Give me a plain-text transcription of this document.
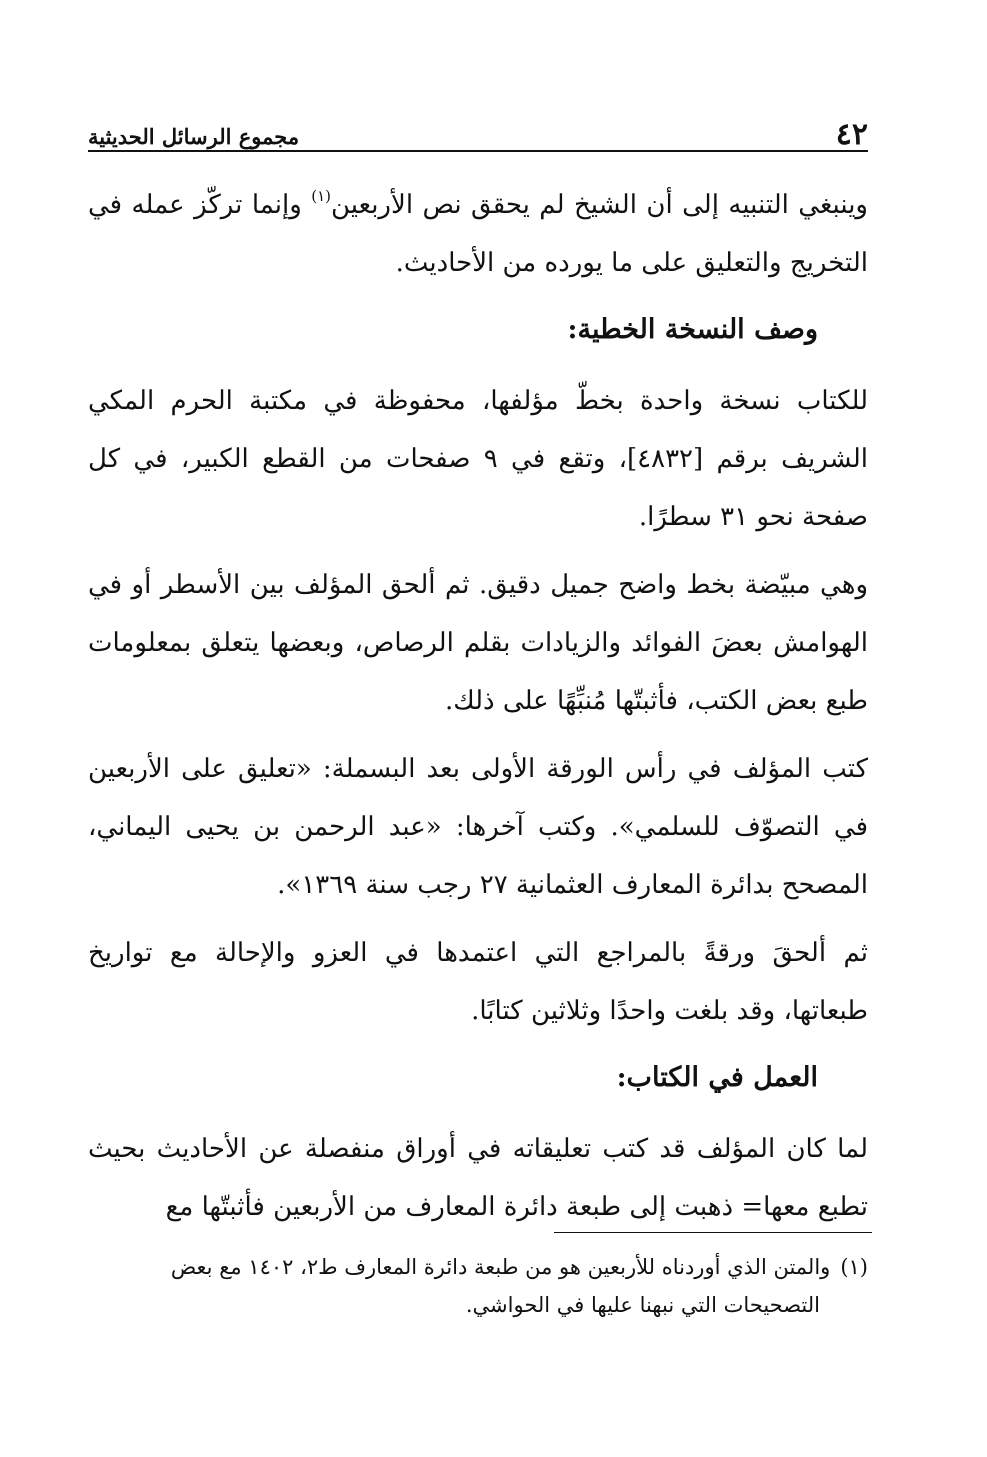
٤٢
مجموع الرسائل الحديثية

وينبغي التنبيه إلى أن الشيخ لم يحقق نص الأربعين$^{(١)}$ وإنما تركّز عمله في التخريج والتعليق على ما يورده من الأحاديث.

وصف النسخة الخطية:

للكتاب نسخة واحدة بخطّ مؤلفها، محفوظة في مكتبة الحرم المكي الشريف برقم [٤٨٣٢]، وتقع في ٩ صفحات من القطع الكبير، في كل صفحة نحو ٣١ سطرًا.

وهي مبيّضة بخط واضح جميل دقيق. ثم ألحق المؤلف بين الأسطر أو في الهوامش بعضَ الفوائد والزيادات بقلم الرصاص، وبعضها يتعلق بمعلومات طبع بعض الكتب، فأثبتّها مُنبِّهًا على ذلك.

كتب المؤلف في رأس الورقة الأولى بعد البسملة: «تعليق على الأربعين في التصوّف للسلمي». وكتب آخرها: «عبد الرحمن بن يحيى اليماني، المصحح بدائرة المعارف العثمانية ٢٧ رجب سنة ١٣٦٩».

ثم ألحقَ ورقةً بالمراجع التي اعتمدها في العزو والإحالة مع تواريخ طبعاتها، وقد بلغت واحدًا وثلاثين كتابًا.

العمل في الكتاب:

لما كان المؤلف قد كتب تعليقاته في أوراق منفصلة عن الأحاديث بحيث تطبع معها= ذهبت إلى طبعة دائرة المعارف من الأربعين فأثبتّها مع

(١)والمتن الذي أوردناه للأربعين هو من طبعة دائرة المعارف ط٢، ١٤٠٢ مع بعض
التصحيحات التي نبهنا عليها في الحواشي.
